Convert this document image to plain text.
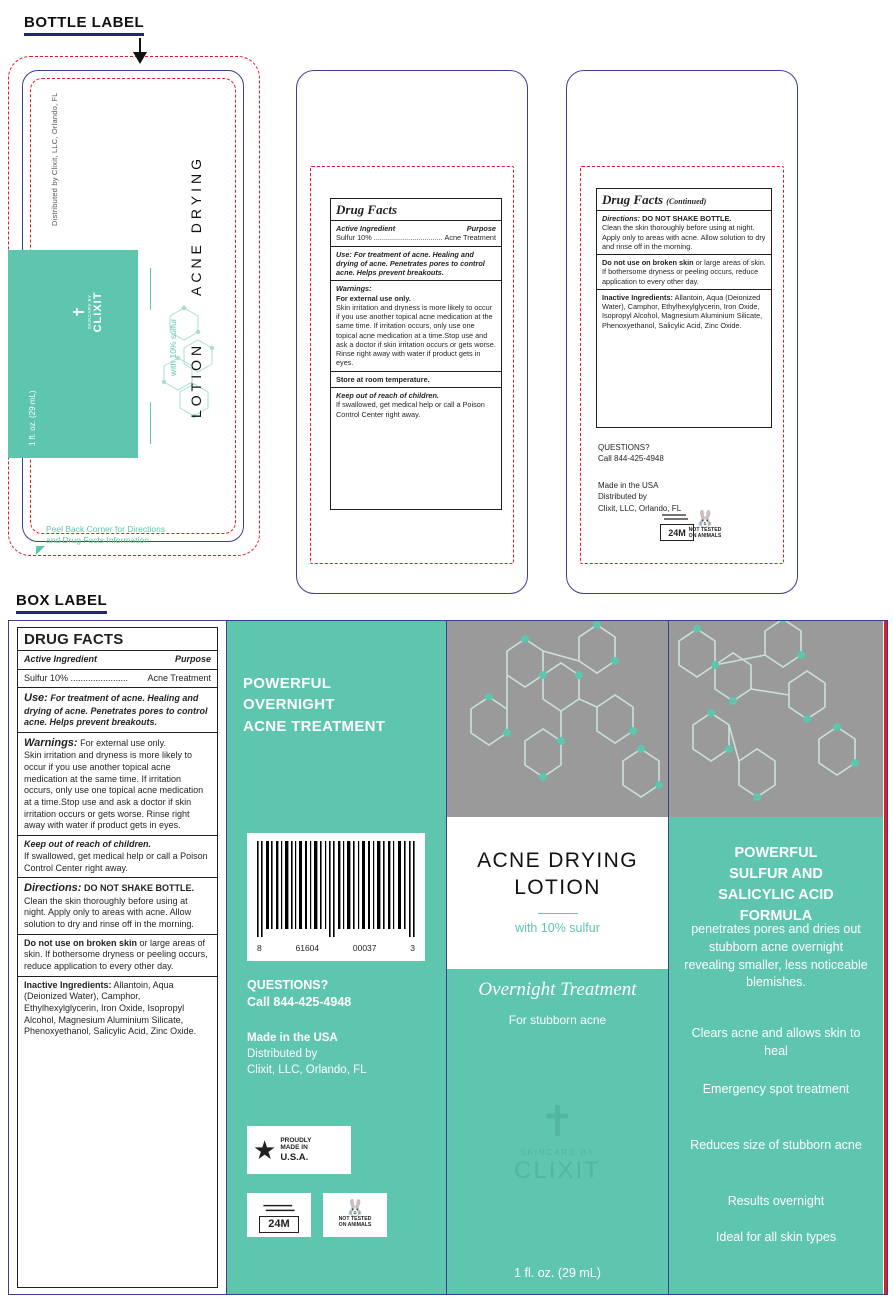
BOTTLE LABEL
Distributed by Clixit, LLC, Orlando, FL
Overnight Treatment For stubborn acne
✝ SKINCARE BY CLIXIT
1 fl. oz. (29 mL)
ACNE DRYING
LOTION
with 10% sulfur
Peel Back Corner for Directions
and Drug Facts Information
Drug Facts
Active Ingredient	Purpose
Sulfur 10% .................................. Acne Treatment
Use: For treatment of acne. Healing and drying of acne. Penetrates pores to control acne. Helps prevent breakouts.
Warnings:
For external use only.
Skin irritation and dryness is more likely to occur if you use another topical acne medication at the same time. If irritation occurs, only use one topical acne medication at a time.Stop use and ask a doctor if skin irritation occurs or gets worse. Rinse right away with water if product gets in eyes.
Store at room temperature.
Keep out of reach of children.
If swallowed, get medical help or call a Poison Control Center right away.
Drug Facts (Continued)
Directions: DO NOT SHAKE BOTTLE.
Clean the skin thoroughly before using at night. Apply only to areas with acne. Allow solution to dry and rinse off in the morning.
Do not use on broken skin or large areas of skin. If bothersome dryness or peeling occurs, reduce application to every other day.
Inactive Ingredients: Allantoin, Aqua (Deionized Water), Camphor, Ethylhexylglycerin, Iron Oxide, Isopropyl Alcohol, Magnesium Aluminium Silicate, Phenoxyethanol, Salicylic Acid, Zinc Oxide.
QUESTIONS?
Call 844-425-4948
Made in the USA
Distributed by
Clixit, LLC, Orlando, FL
24M
🐰
NOT TESTED
ON ANIMALS
BOX LABEL
DRUG FACTS
Active Ingredient	Purpose
Sulfur 10% ....................... Acne Treatment
Use: For treatment of acne. Healing and drying of acne. Penetrates pores to control acne. Helps prevent breakouts.
Warnings: For external use only.
Skin irritation and dryness is more likely to occur if you use another topical acne medication at the same time. If irritation occurs, only use one topical acne medication at a time.Stop use and ask a doctor if skin irritation occurs or gets worse. Rinse right away with water if product gets in eyes.
Keep out of reach of children.
If swallowed, get medical help or call a Poison Control Center right away.
Directions: DO NOT SHAKE BOTTLE.
Clean the skin thoroughly before using at night. Apply only to areas with acne. Allow solution to dry and rinse off in the morning.
Do not use on broken skin or large areas of skin. If bothersome dryness or peeling occurs, reduce application to every other day.
Inactive Ingredients: Allantoin, Aqua (Deionized Water), Camphor, Ethylhexylglycerin, Iron Oxide, Isopropyl Alcohol, Magnesium Aluminium Silicate, Phenoxyethanol, Salicylic Acid, Zinc Oxide.
POWERFUL
OVERNIGHT
ACNE TREATMENT
8	61604	00037	3
QUESTIONS?
Call 844-425-4948
Made in the USA
Distributed by
Clixit, LLC, Orlando, FL
★ PROUDLY
MADE IN
U.S.A.
24M
🐰
NOT TESTED
ON ANIMALS
ACNE DRYING
LOTION
with 10% sulfur
Overnight Treatment
For stubborn acne
✝
SKINCARE BY
CLIXIT
1 fl. oz. (29 mL)
POWERFUL
SULFUR AND
SALICYLIC ACID
FORMULA
penetrates pores and dries out stubborn acne overnight revealing smaller, less noticeable blemishes.
Clears acne and allows skin to heal
Emergency spot treatment
Reduces size of stubborn acne
Results overnight
Ideal for all skin types
